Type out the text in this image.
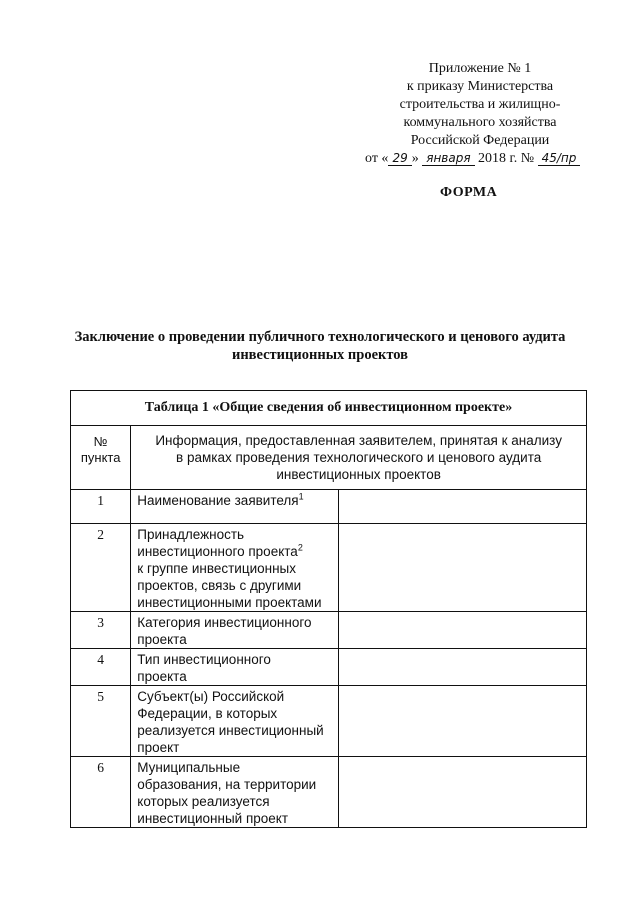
Приложение № 1
к приказу Министерства
строительства и жилищно-
коммунального хозяйства
Российской Федерации
от « 29 » января 2018 г. № 45/пр
ФОРМА
Заключение о проведении публичного технологического и ценового аудита
инвестиционных проектов
Таблица 1 «Общие сведения об инвестиционном проекте»		

№
пункта	Информация, предоставленная заявителем, принятая к анализу
в рамках проведения технологического и ценового аудита
инвестиционных проектов	

1	Наименование заявителя$^1$

2	Принадлежность
инвестиционного проекта$^2$
к группе инвестиционных
проектов, связь с другими
инвестиционными проектами	

3	Категория инвестиционного
проекта	

4	Тип инвестиционного
проекта	

5	Субъект(ы) Российской
Федерации, в которых
реализуется инвестиционный
проект	

6	Муниципальные
образования, на территории
которых реализуется
инвестиционный проект	
